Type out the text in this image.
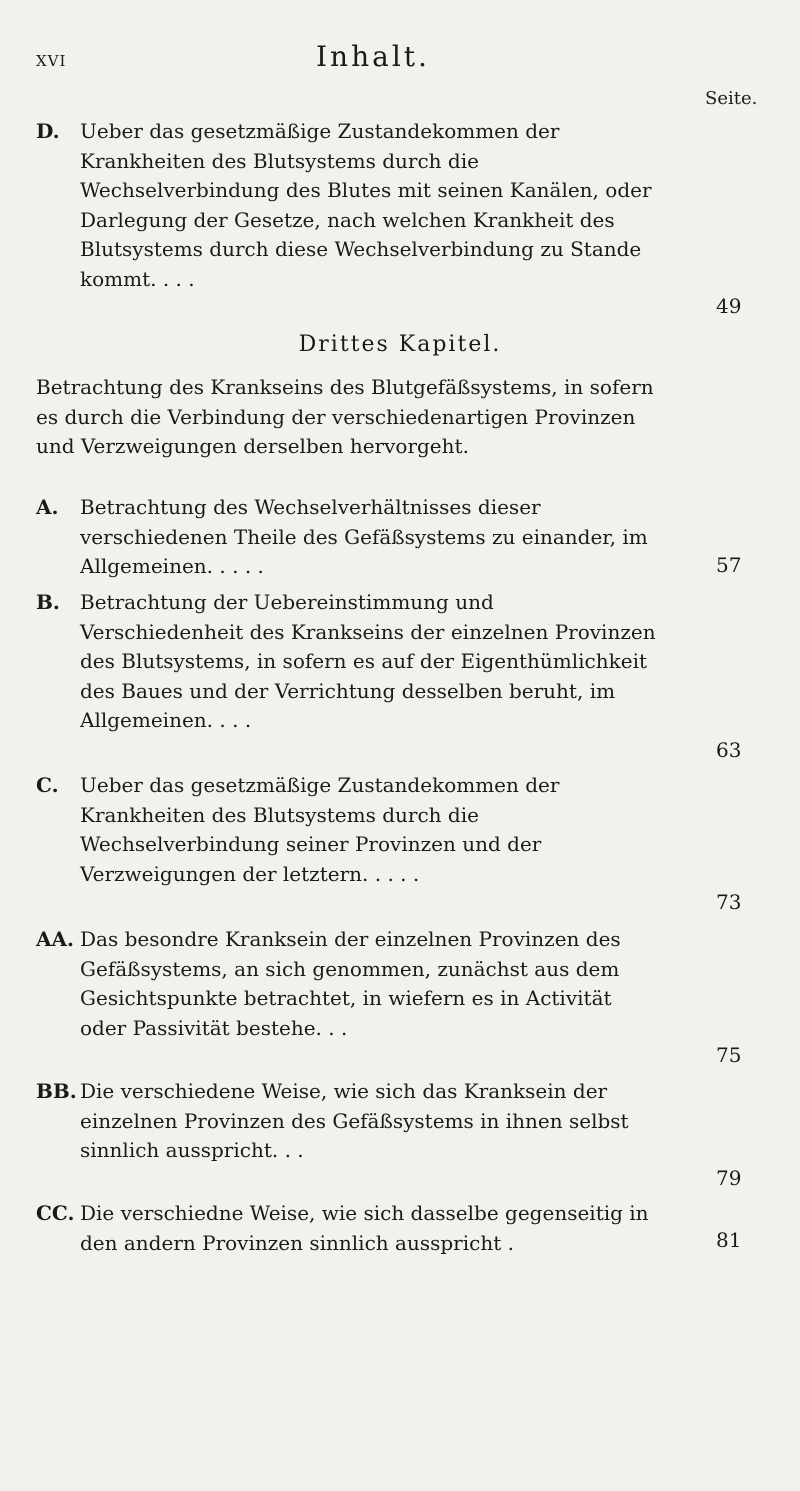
XVI	Inhalt.
Seite.
D.	Ueber das gesetzmäßige Zustandekommen der Krankheiten des Blutsystems durch die Wechselverbindung des Blutes mit seinen Kanälen, oder Darlegung der Gesetze, nach welchen Krankheit des Blutsystems durch diese Wechselverbindung zu Stande kommt. . . .
49
Drittes Kapitel.
Betrachtung des Krankseins des Blutgefäßsystems, in sofern es durch die Verbindung der verschiedenartigen Provinzen und Verzweigungen derselben hervorgeht.
A.	Betrachtung des Wechselverhältnisses dieser verschiedenen Theile des Gefäßsystems zu einander, im Allgemeinen. . . . .	57
B.	Betrachtung der Uebereinstimmung und Verschiedenheit des Krankseins der einzelnen Provinzen des Blutsystems, in sofern es auf der Eigenthümlichkeit des Baues und der Verrichtung desselben beruht, im Allgemeinen. . . .
63
C.	Ueber das gesetzmäßige Zustandekommen der Krankheiten des Blutsystems durch die Wechselverbindung seiner Provinzen und der Verzweigungen der letztern. . . . .
73
AA. Das besondre Kranksein der einzelnen Provinzen des Gefäßsystems, an sich genommen, zunächst aus dem Gesichtspunkte betrachtet, in wiefern es in Activität oder Passivität bestehe. . .
75
BB. Die verschiedene Weise, wie sich das Kranksein der einzelnen Provinzen des Gefäßsystems in ihnen selbst sinnlich ausspricht. . .
79
CC. Die verschiedne Weise, wie sich dasselbe gegenseitig in den andern Provinzen sinnlich ausspricht .	81
